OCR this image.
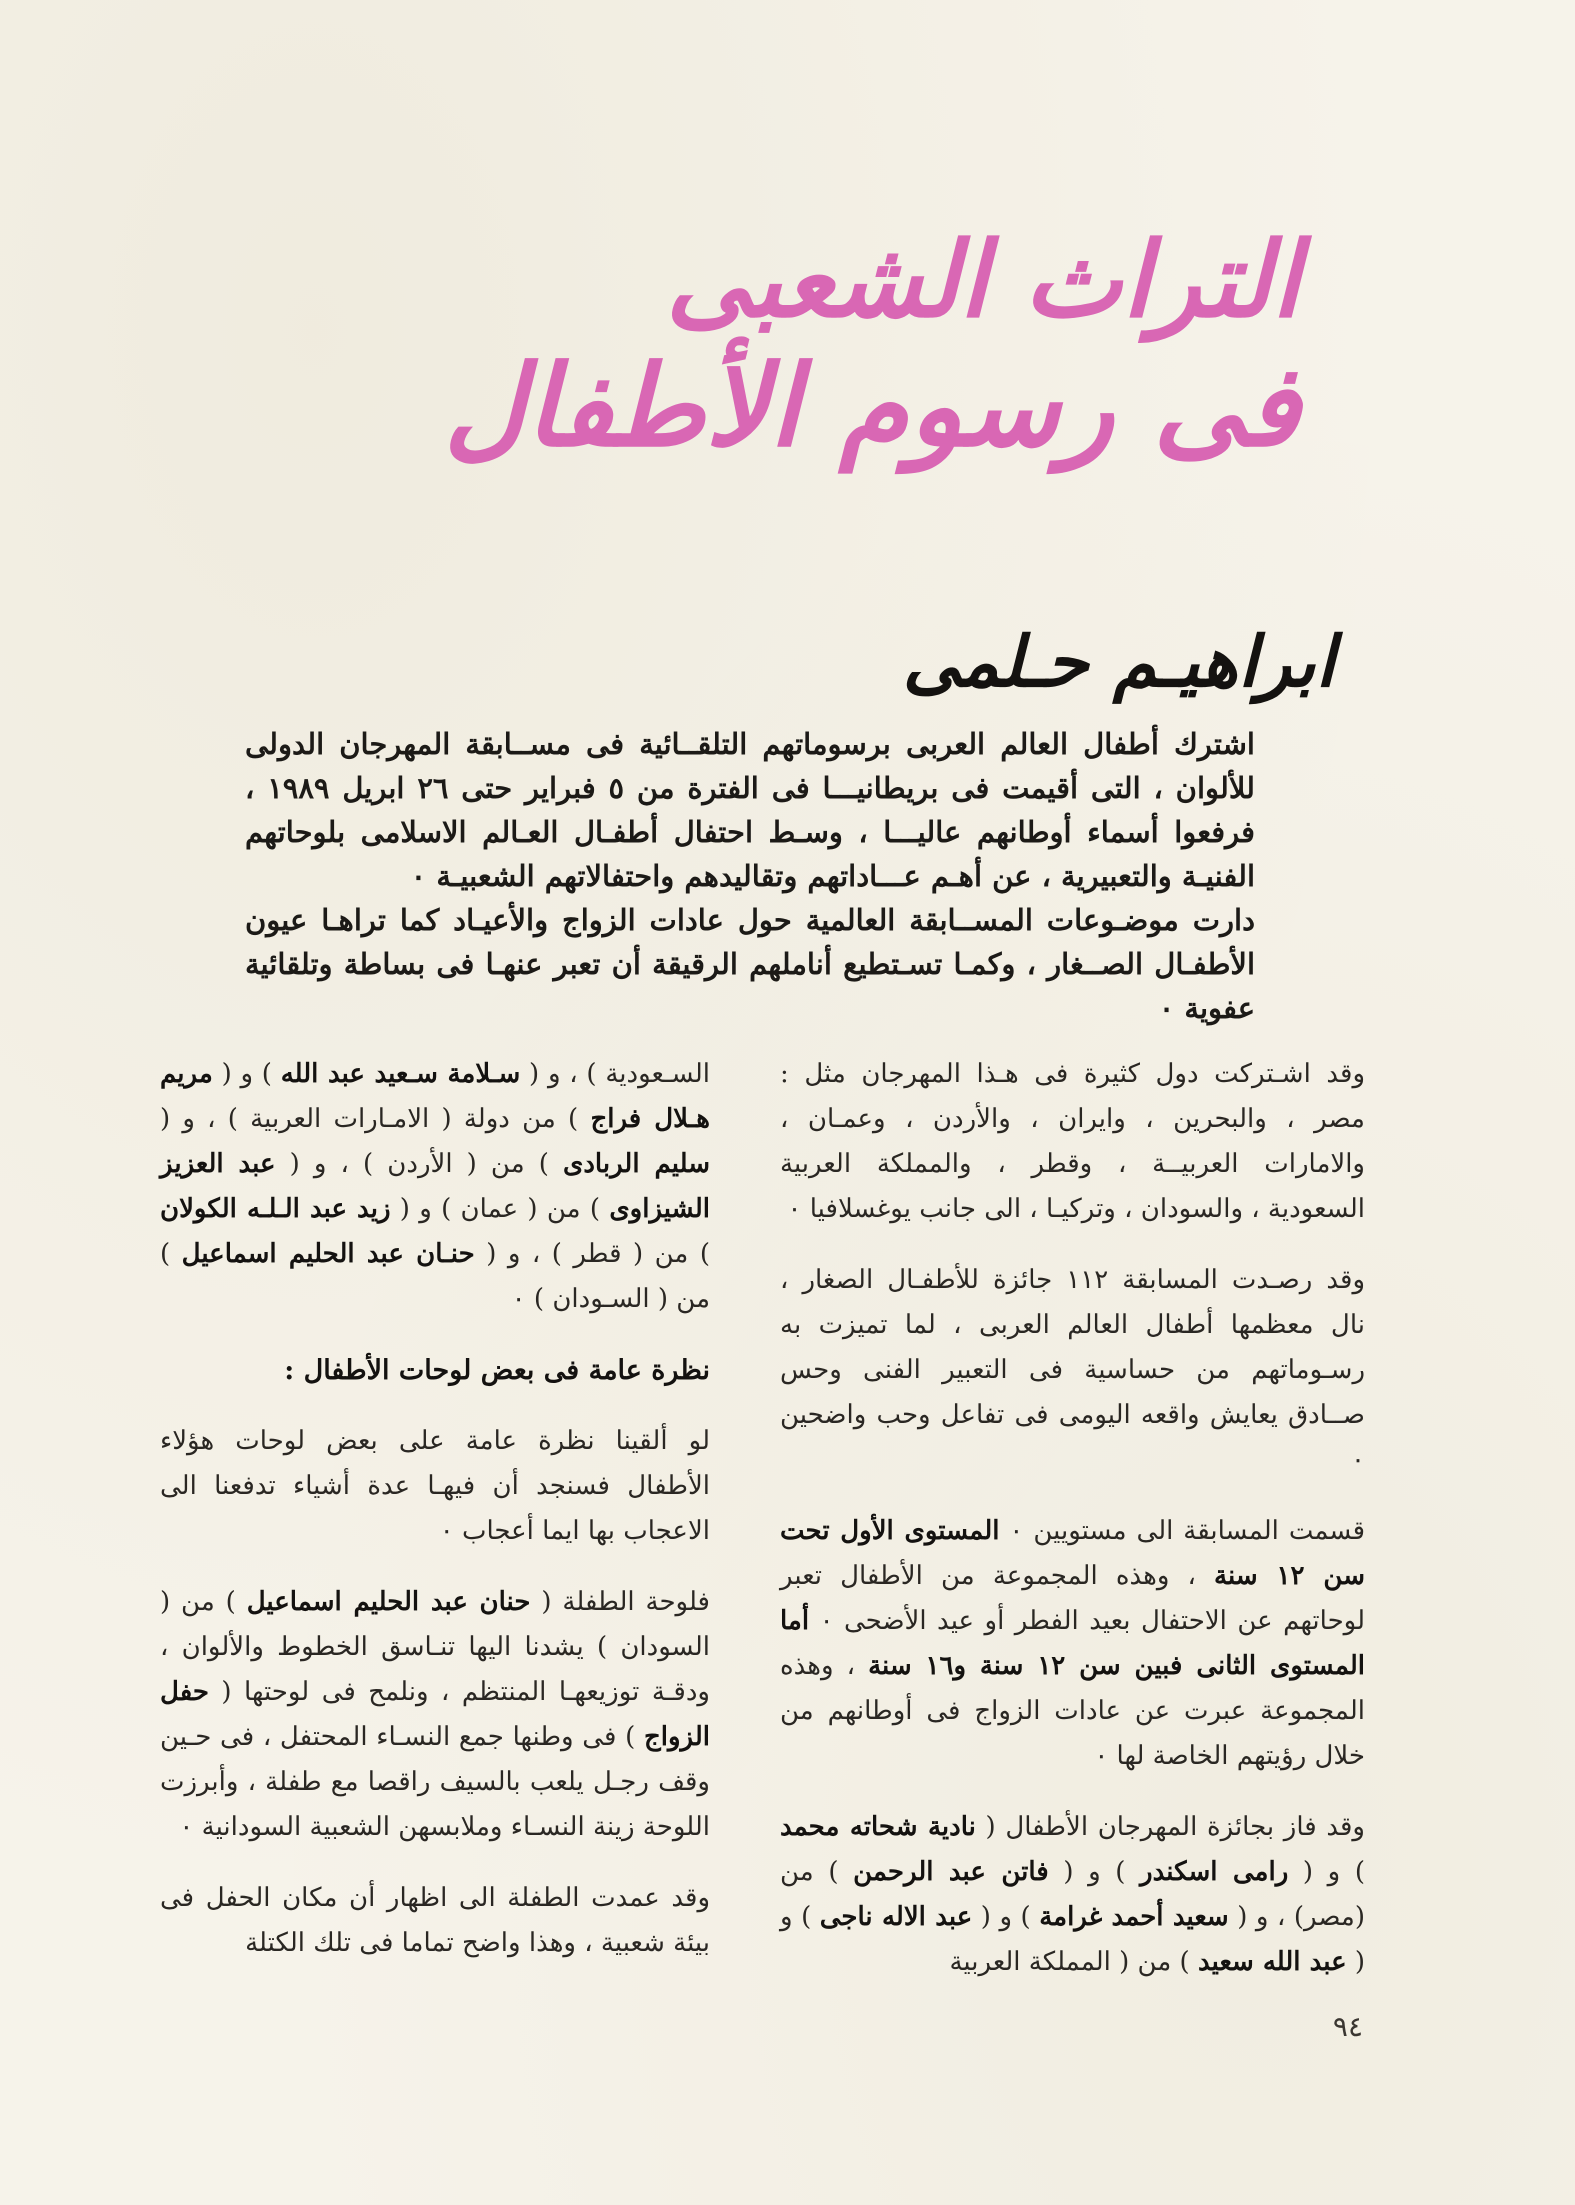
التراث الشعبى
فى رسوم الأطفال
ابراهيـم حـلمى

اشترك أطفال العالم العربى برسوماتهم التلقــائية فى مســابقة المهرجان الدولى للألوان ، التى أقيمت فى بريطانيـــا فى الفترة من ٥ فبراير حتى ٢٦ ابريل ١٩٨٩ ، فرفعوا أسماء أوطانهم عاليـــا ، وسـط احتفال أطفـال العـالم الاسلامى بلوحاتهم الفنيـة والتعبيرية ، عن أهـم عـــاداتهم وتقاليدهم واحتفالاتهم الشعبيـة ٠

دارت موضـوعات المســابقة العالمية حول عادات الزواج والأعيـاد كما تراهـا عيون الأطفـال الصــغار ، وكمـا تسـتطيع أناملهم الرقيقة أن تعبر عنهـا فى بساطة وتلقائية عفوية ٠

وقد اشـتركت دول كثيرة فى هـذا المهرجان مثل : مصر ، والبحرين ، وايران ، والأردن ، وعمـان ، والامارات العربيــة ، وقطر ، والمملكة العربية السعودية ، والسودان ، وتركيـا ، الى جانب يوغسلافيا ٠

وقد رصـدت المسابقة ١١٢ جائزة للأطفـال الصغار ، نال معظمها أطفال العالم العربى ، لما تميزت به رسـوماتهم من حساسية فى التعبير الفنى وحس صــادق يعايش واقعه اليومى فى تفاعل وحب واضحين ٠

قسمت المسابقة الى مستويين ٠ المستوى الأول تحت سن ١٢ سنة ، وهذه المجموعة من الأطفال تعبر لوحاتهم عن الاحتفال بعيد الفطر أو عيد الأضحى ٠ أما المستوى الثانى فبين سن ١٢ سنة و١٦ سنة ، وهذه المجموعة عبرت عن عادات الزواج فى أوطانهم من خلال رؤيتهم الخاصة لها ٠

وقد فاز بجائزة المهرجان الأطفال ( نادية شحاته محمد ) و ( رامى اسكندر ) و ( فاتن عبد الرحمن ) من (مصر) ، و ( سعيد أحمد غرامة ) و ( عبد الاله ناجى ) و ( عبد الله سعيد ) من ( المملكة العربية

السـعودية ) ، و ( سـلامة سـعيد عبد الله ) و ( مريم هـلال فراج ) من دولة ( الامـارات العربية ) ، و ( سليم الربادى ) من ( الأردن ) ، و ( عبد العزيز الشيزاوى ) من ( عمان ) و ( زيد عبد الـلـه الكولان ) من ( قطر ) ، و ( حنـان عبد الحليم اسماعيل ) من ( السـودان ) ٠

نظرة عامة فى بعض لوحات الأطفال :

لو ألقينا نظرة عامة على بعض لوحات هؤلاء الأطفال فسنجد أن فيهـا عدة أشياء تدفعنا الى الاعجاب بها ايما أعجاب ٠

فلوحة الطفلة ( حنان عبد الحليم اسماعيل ) من ( السودان ) يشدنا اليها تنـاسق الخطوط والألوان ، ودقـة توزيعهـا المنتظم ، ونلمح فى لوحتها ( حفل الزواج ) فى وطنها جمع النسـاء المحتفل ، فى حـين وقف رجـل يلعب بالسيف راقصا مع طفلة ، وأبرزت اللوحة زينة النسـاء وملابسهن الشعبية السودانية ٠

وقد عمدت الطفلة الى اظهار أن مكان الحفل فى بيئة شعبية ، وهذا واضح تماما فى تلك الكتلة

٩٤
